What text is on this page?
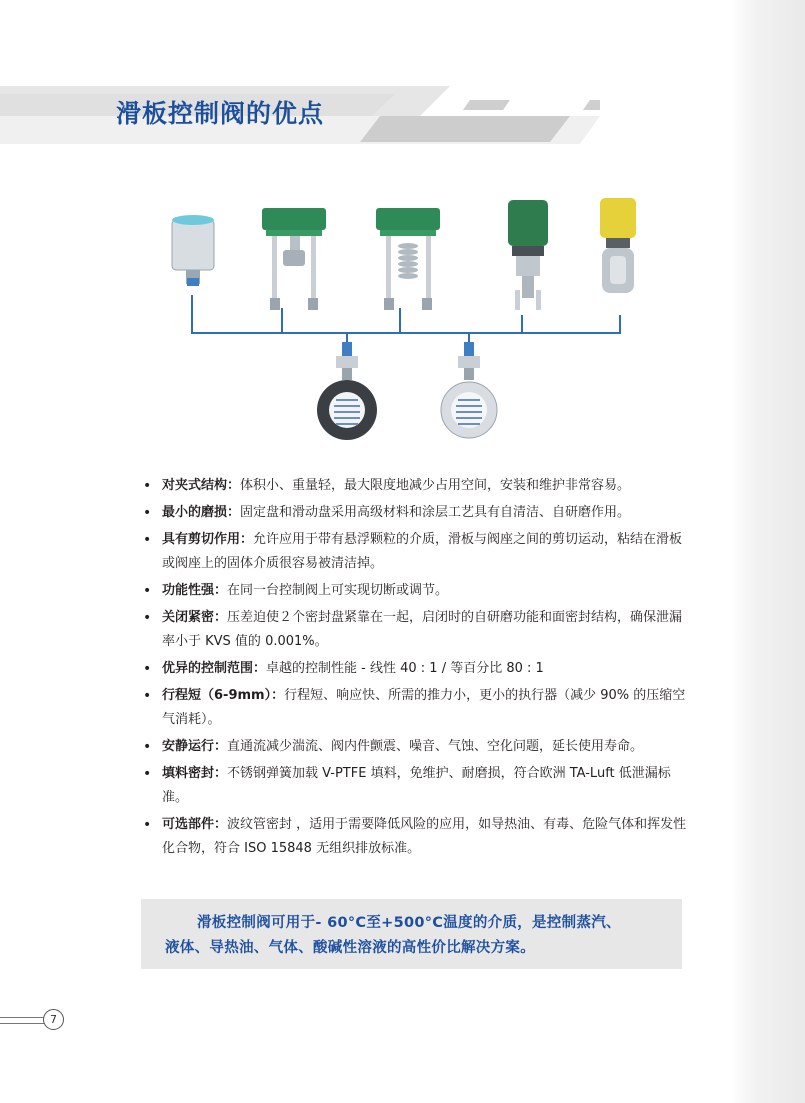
滑板控制阀的优点
• 对夹式结构：体积小、重量轻，最大限度地减少占用空间，安装和维护非常容易。
• 最小的磨损：固定盘和滑动盘采用高级材料和涂层工艺具有自清洁、自研磨作用。
• 具有剪切作用：允许应用于带有悬浮颗粒的介质，滑板与阀座之间的剪切运动，粘结在滑板或阀座上的固体介质很容易被清洁掉。
• 功能性强：在同一台控制阀上可实现切断或调节。
• 关闭紧密：压差迫使２个密封盘紧靠在一起，启闭时的自研磨功能和面密封结构，确保泄漏率小于 KVS 值的 0.001%。
• 优异的控制范围：卓越的控制性能 - 线性 40 : 1 / 等百分比 80 : 1
• 行程短（6-9mm）：行程短、响应快、所需的推力小，更小的执行器（减少 90% 的压缩空气消耗）。
• 安静运行：直通流减少湍流、阀内件颤震、噪音、气蚀、空化问题，延长使用寿命。
• 填料密封：不锈钢弹簧加载 V-PTFE 填料，免维护、耐磨损，符合欧洲 TA-Luft 低泄漏标准。
• 可选部件：波纹管密封 ，适用于需要降低风险的应用，如导热油、有毒、危险气体和挥发性化合物，符合 ISO 15848 无组织排放标准。
滑板控制阀可用于- 60°C至+500°C温度的介质，是控制蒸汽、
液体、导热油、气体、酸碱性溶液的高性价比解决方案。
7
